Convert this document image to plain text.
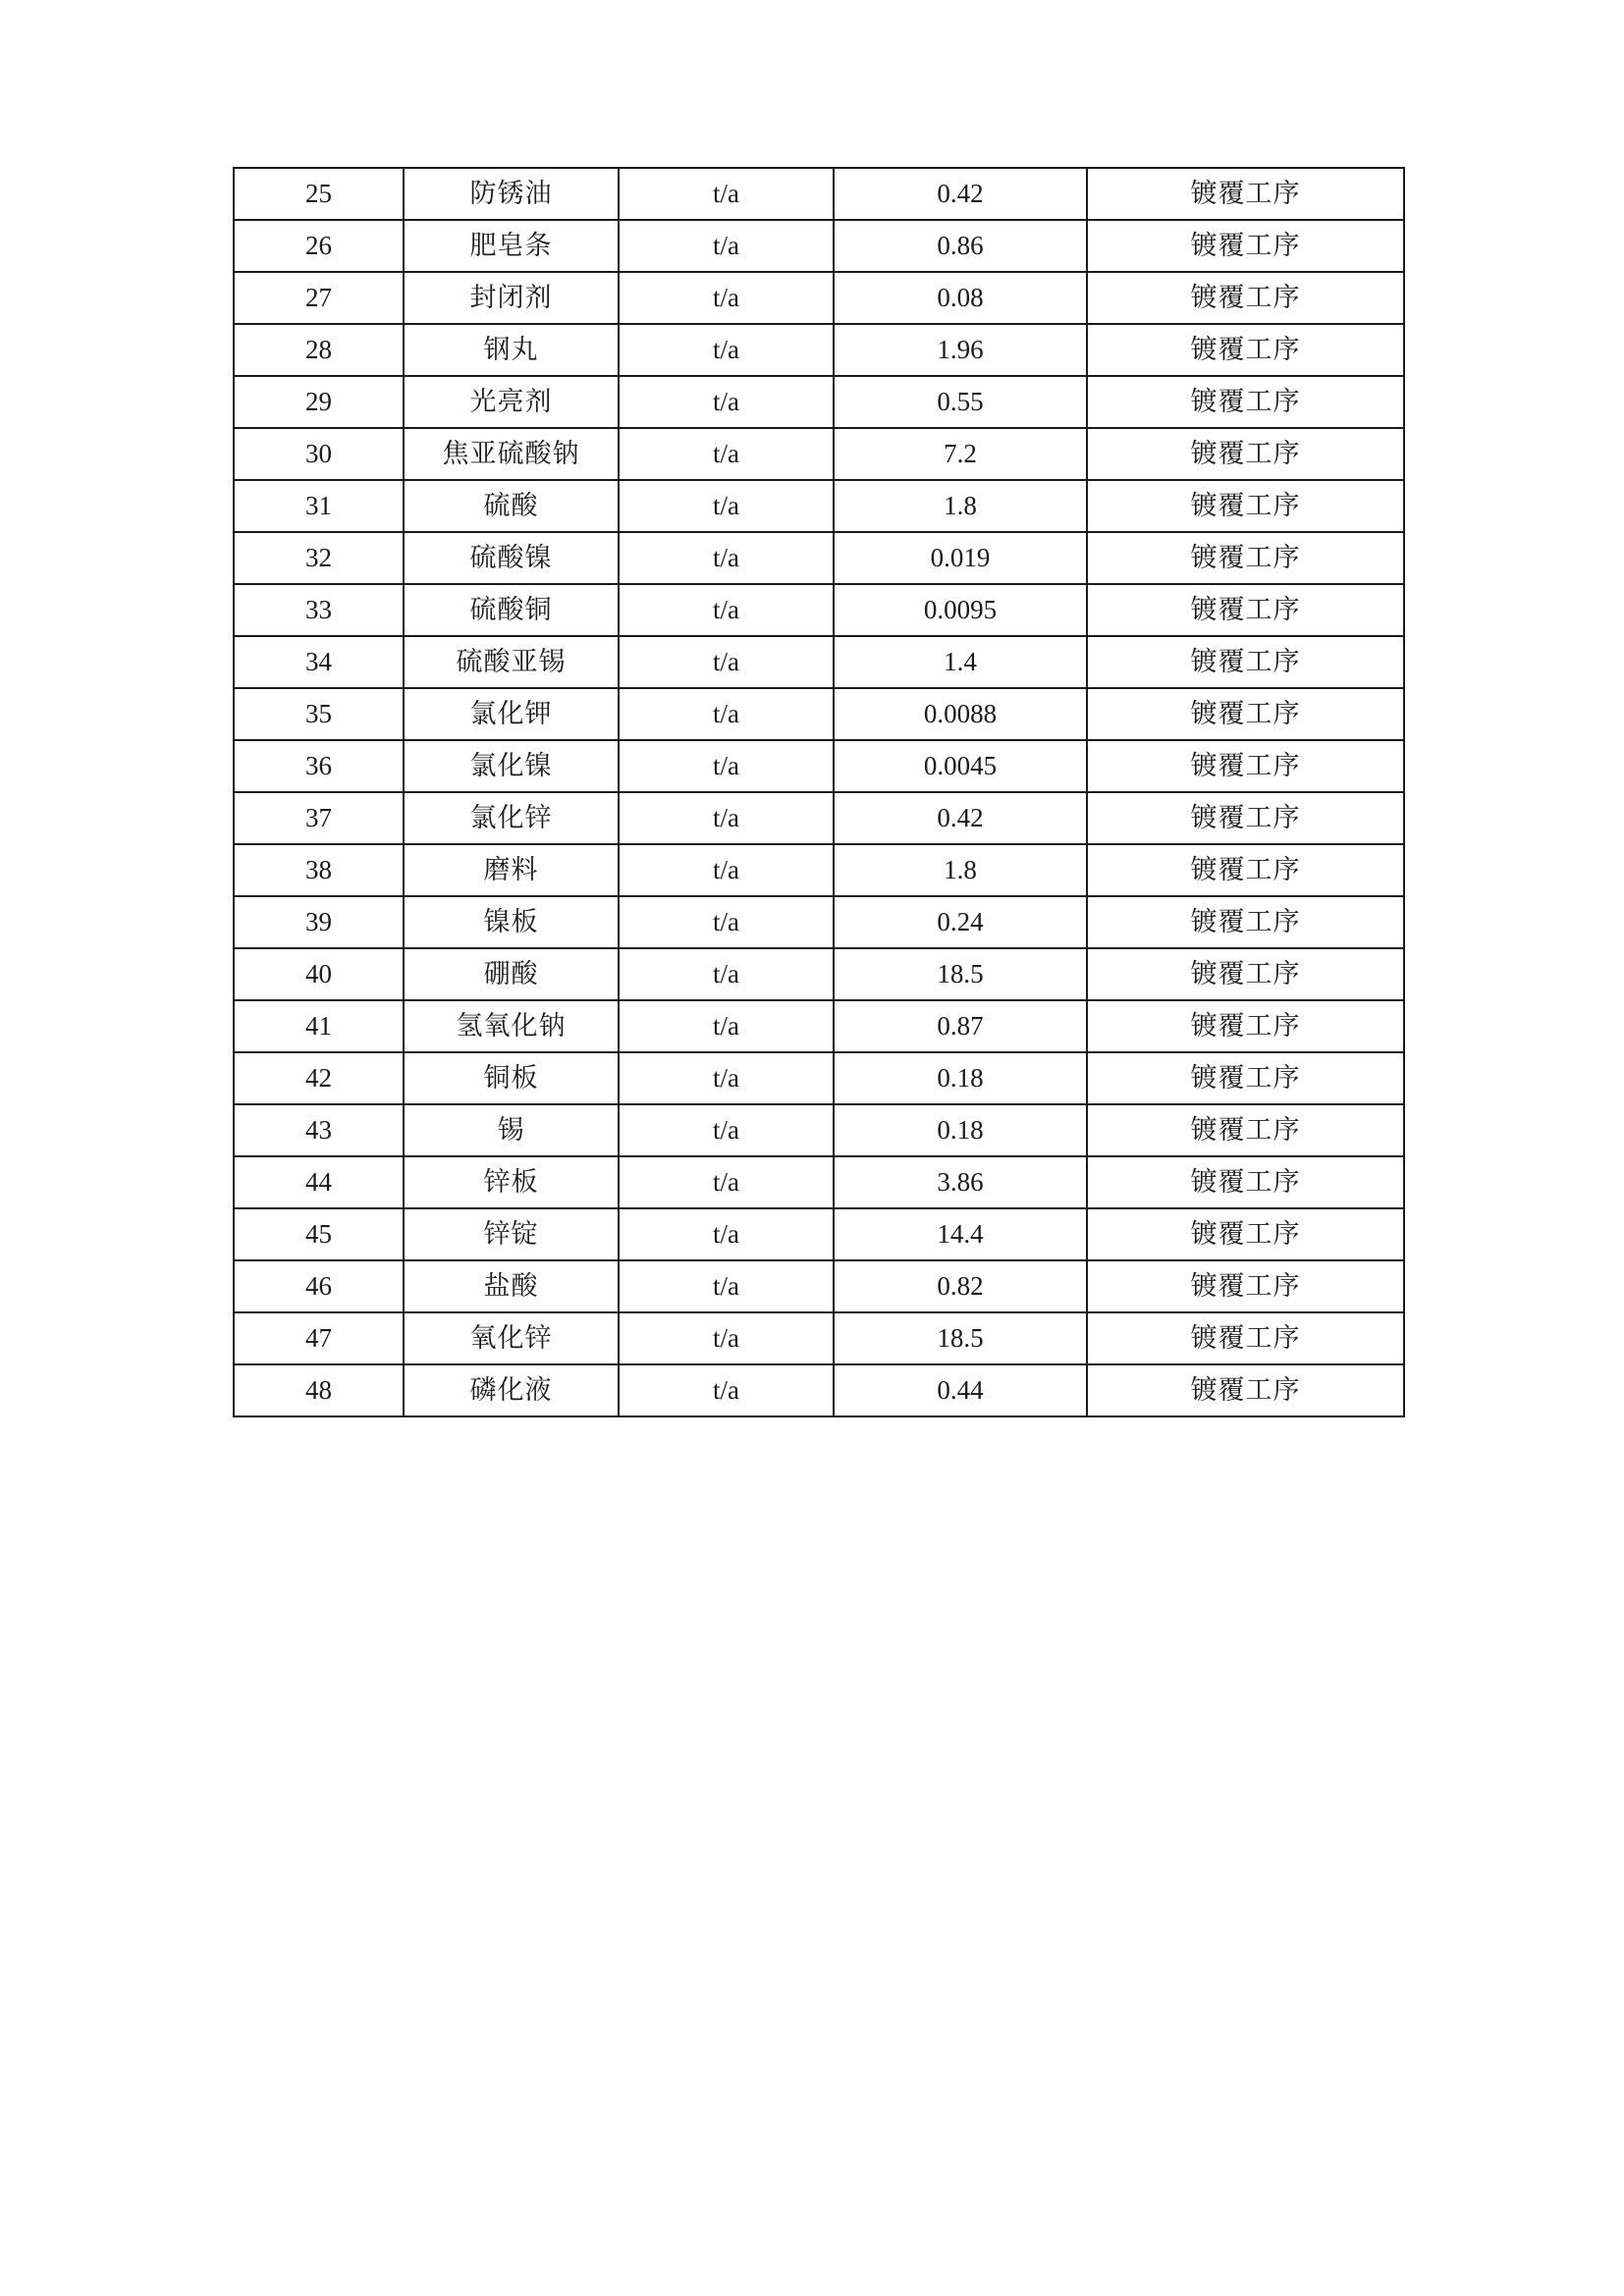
25	防锈油	t/a	0.42	镀覆工序
26	肥皂条	t/a	0.86	镀覆工序
27	封闭剂	t/a	0.08	镀覆工序
28	钢丸	t/a	1.96	镀覆工序
29	光亮剂	t/a	0.55	镀覆工序
30	焦亚硫酸钠	t/a	7.2	镀覆工序
31	硫酸	t/a	1.8	镀覆工序
32	硫酸镍	t/a	0.019	镀覆工序
33	硫酸铜	t/a	0.0095	镀覆工序
34	硫酸亚锡	t/a	1.4	镀覆工序
35	氯化钾	t/a	0.0088	镀覆工序
36	氯化镍	t/a	0.0045	镀覆工序
37	氯化锌	t/a	0.42	镀覆工序
38	磨料	t/a	1.8	镀覆工序
39	镍板	t/a	0.24	镀覆工序
40	硼酸	t/a	18.5	镀覆工序
41	氢氧化钠	t/a	0.87	镀覆工序
42	铜板	t/a	0.18	镀覆工序
43	锡	t/a	0.18	镀覆工序
44	锌板	t/a	3.86	镀覆工序
45	锌锭	t/a	14.4	镀覆工序
46	盐酸	t/a	0.82	镀覆工序
47	氧化锌	t/a	18.5	镀覆工序
48	磷化液	t/a	0.44	镀覆工序
